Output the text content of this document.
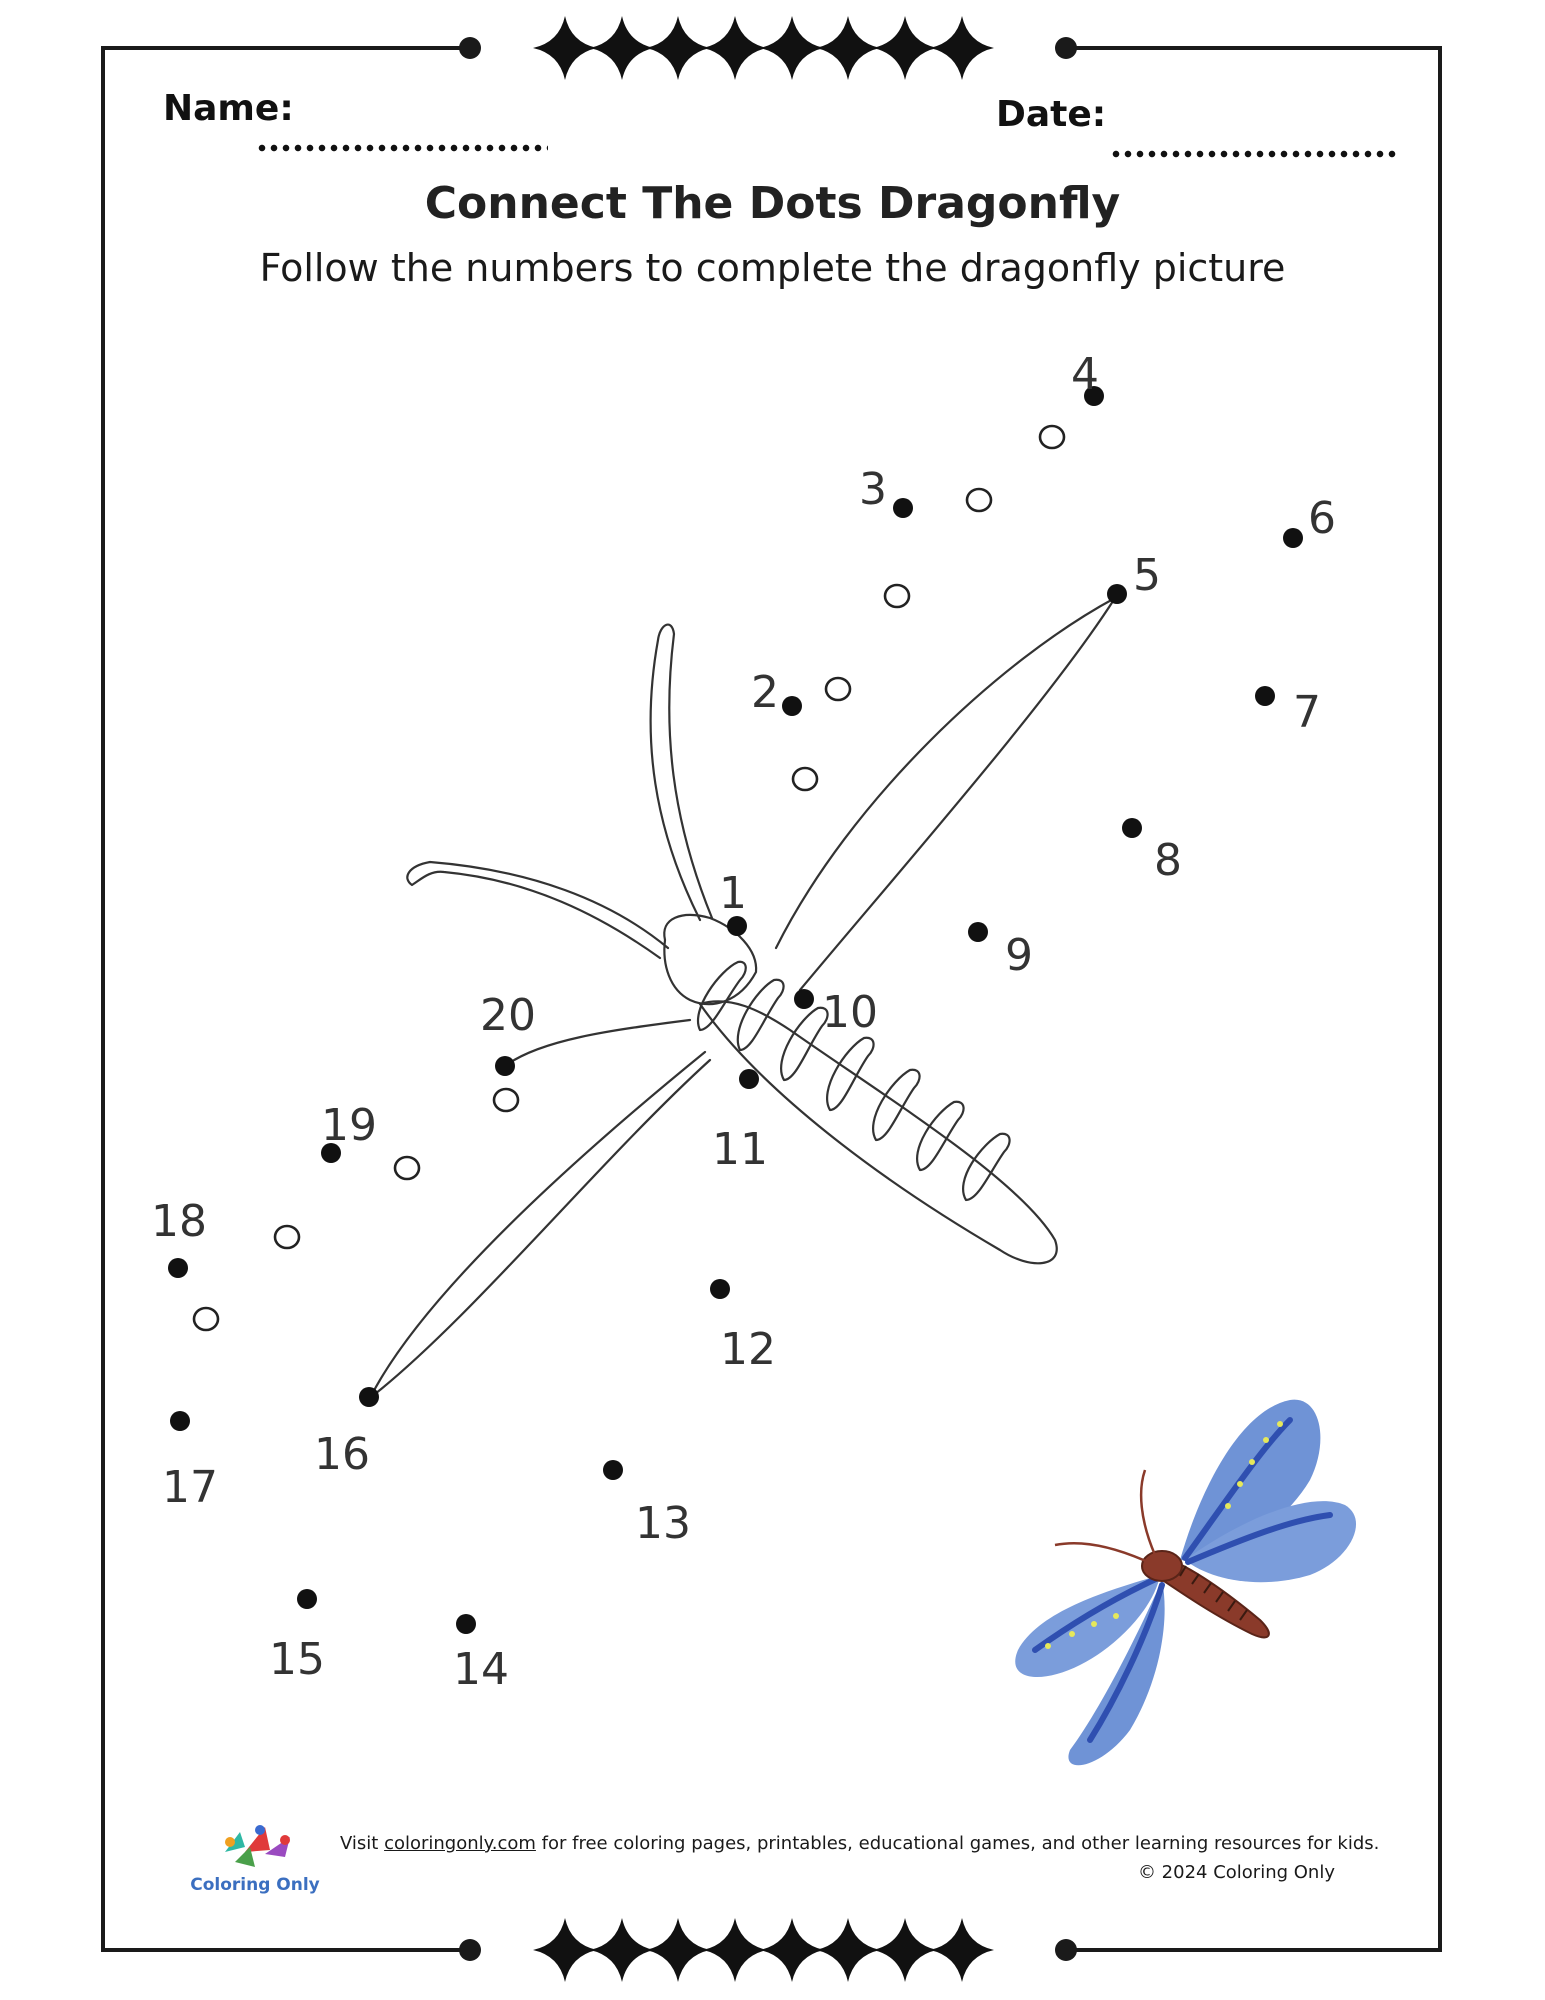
Name:	Date:
Connect The Dots Dragonfly
Follow the numbers to complete the dragonfly picture
1
2
3
4
5
6
7
8
9
10
11
12
13
14
15
16
17
18
19
20
Coloring Only
Visit coloringonly.com for free coloring pages, printables, educational games, and other learning resources for kids.
© 2024 Coloring Only
